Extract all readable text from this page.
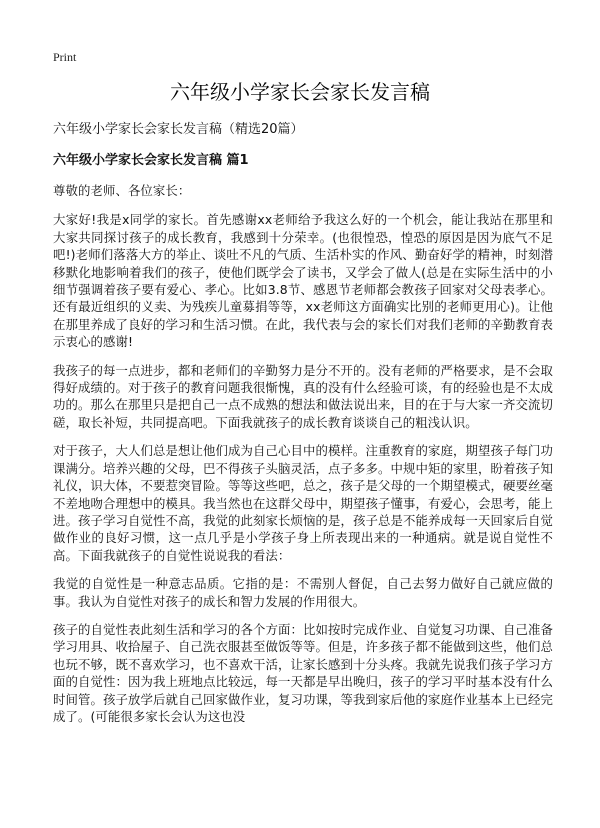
Print
六年级小学家长会家长发言稿
六年级小学家长会家长发言稿（精选20篇）
六年级小学家长会家长发言稿 篇1

尊敬的老师、各位家长：

大家好!我是x同学的家长。首先感谢xx老师给予我这么好的一个机会，能让我站在那里和大家共同探讨孩子的成长教育，我感到十分荣幸。(也很惶恐，惶恐的原因是因为底气不足吧!)老师们落落大方的举止、谈吐不凡的气质、生活朴实的作风、勤奋好学的精神，时刻潜移默化地影响着我们的孩子，使他们既学会了读书，又学会了做人(总是在实际生活中的小细节强调着孩子要有爱心、孝心。比如3.8节、感恩节老师都会教孩子回家对父母表孝心。还有最近组织的义卖、为残疾儿童募捐等等，xx老师这方面确实比别的老师更用心)。让他在那里养成了良好的学习和生活习惯。在此，我代表与会的家长们对我们老师的辛勤教育表示衷心的感谢!

我孩子的每一点进步，都和老师们的辛勤努力是分不开的。没有老师的严格要求，是不会取得好成绩的。对于孩子的教育问题我很惭愧，真的没有什么经验可谈，有的经验也是不太成功的。那么在那里只是把自己一点不成熟的想法和做法说出来，目的在于与大家一齐交流切磋，取长补短，共同提高吧。下面我就孩子的成长教育谈谈自己的粗浅认识。

对于孩子，大人们总是想让他们成为自己心目中的模样。注重教育的家庭，期望孩子每门功课满分。培养兴趣的父母，巴不得孩子头脑灵活，点子多多。中规中矩的家里，盼着孩子知礼仪，识大体，不要惹突冒险。等等这些吧，总之，孩子是父母的一个期望模式，硬要丝毫不差地吻合理想中的模具。我当然也在这群父母中，期望孩子懂事，有爱心，会思考，能上进。孩子学习自觉性不高，我觉的此刻家长烦恼的是，孩子总是不能养成每一天回家后自觉做作业的良好习惯，这一点几乎是小学孩子身上所表现出来的一种通病。就是说自觉性不高。下面我就孩子的自觉性说说我的看法：

我觉的自觉性是一种意志品质。它指的是：不需别人督促，自己去努力做好自己就应做的事。我认为自觉性对孩子的成长和智力发展的作用很大。

孩子的自觉性表此刻生活和学习的各个方面：比如按时完成作业、自觉复习功课、自己准备学习用具、收拾屋子、自己洗衣服甚至做饭等等。但是，许多孩子都不能做到这些，他们总也玩不够，既不喜欢学习，也不喜欢干活，让家长感到十分头疼。我就先说我们孩子学习方面的自觉性：因为我上班地点比较远，每一天都是早出晚归，孩子的学习平时基本没有什么时间管。孩子放学后就自己回家做作业，复习功课，等我到家后他的家庭作业基本上已经完成了。(可能很多家长会认为这也没
